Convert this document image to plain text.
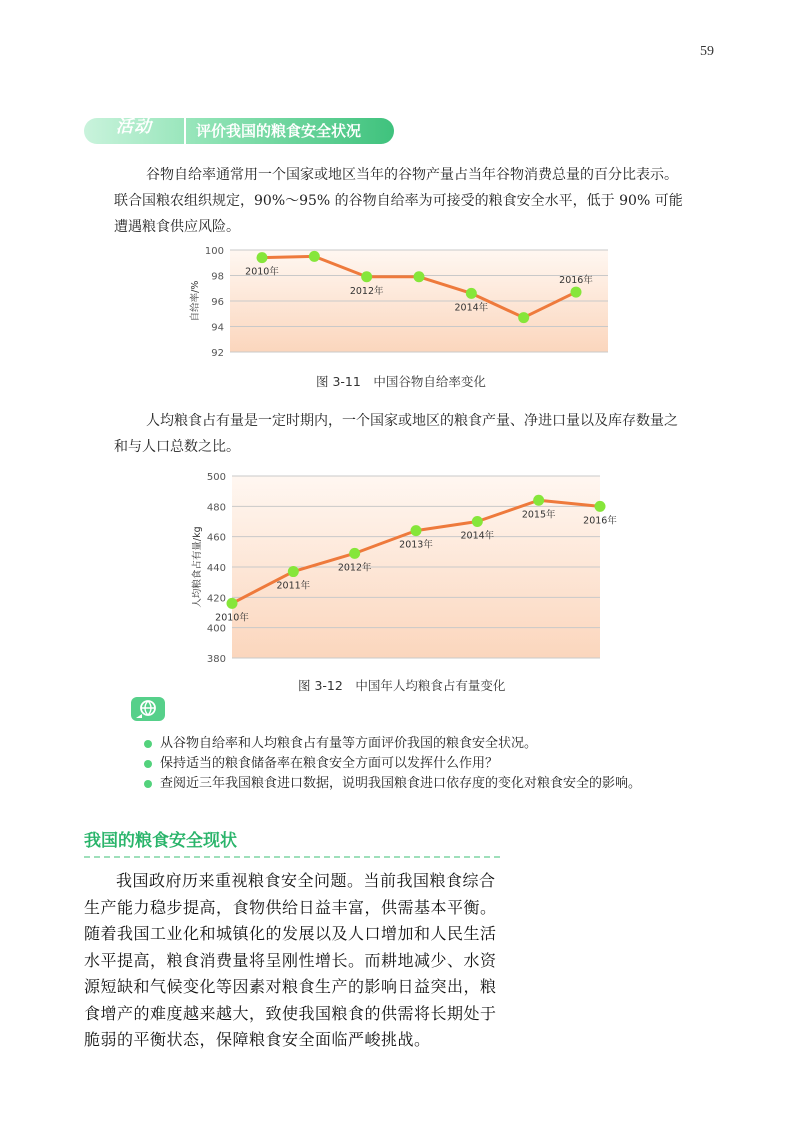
59
活动	评价我国的粮食安全状况
谷物自给率通常用一个国家或地区当年的谷物产量占当年谷物消费总量的百分比表示。联合国粮农组织规定，90%～95% 的谷物自给率为可接受的粮食安全水平，低于 90% 可能遭遇粮食供应风险。
100
98
96
94
92
自给率/%
2010年
2012年
2014年
2016年
图 3-11　中国谷物自给率变化
人均粮食占有量是一定时期内，一个国家或地区的粮食产量、净进口量以及库存数量之和与人口总数之比。
500
480
460
440
420
400
380
人均粮食占有量/kg
2010年
2011年
2012年
2013年
2014年
2015年
2016年
图 3-12　中国年人均粮食占有量变化
从谷物自给率和人均粮食占有量等方面评价我国的粮食安全状况。
保持适当的粮食储备率在粮食安全方面可以发挥什么作用？
查阅近三年我国粮食进口数据，说明我国粮食进口依存度的变化对粮食安全的影响。
我国的粮食安全现状
我国政府历来重视粮食安全问题。当前我国粮食综合生产能力稳步提高，食物供给日益丰富，供需基本平衡。随着我国工业化和城镇化的发展以及人口增加和人民生活水平提高，粮食消费量将呈刚性增长。而耕地减少、水资源短缺和气候变化等因素对粮食生产的影响日益突出，粮食增产的难度越来越大，致使我国粮食的供需将长期处于脆弱的平衡状态，保障粮食安全面临严峻挑战。
